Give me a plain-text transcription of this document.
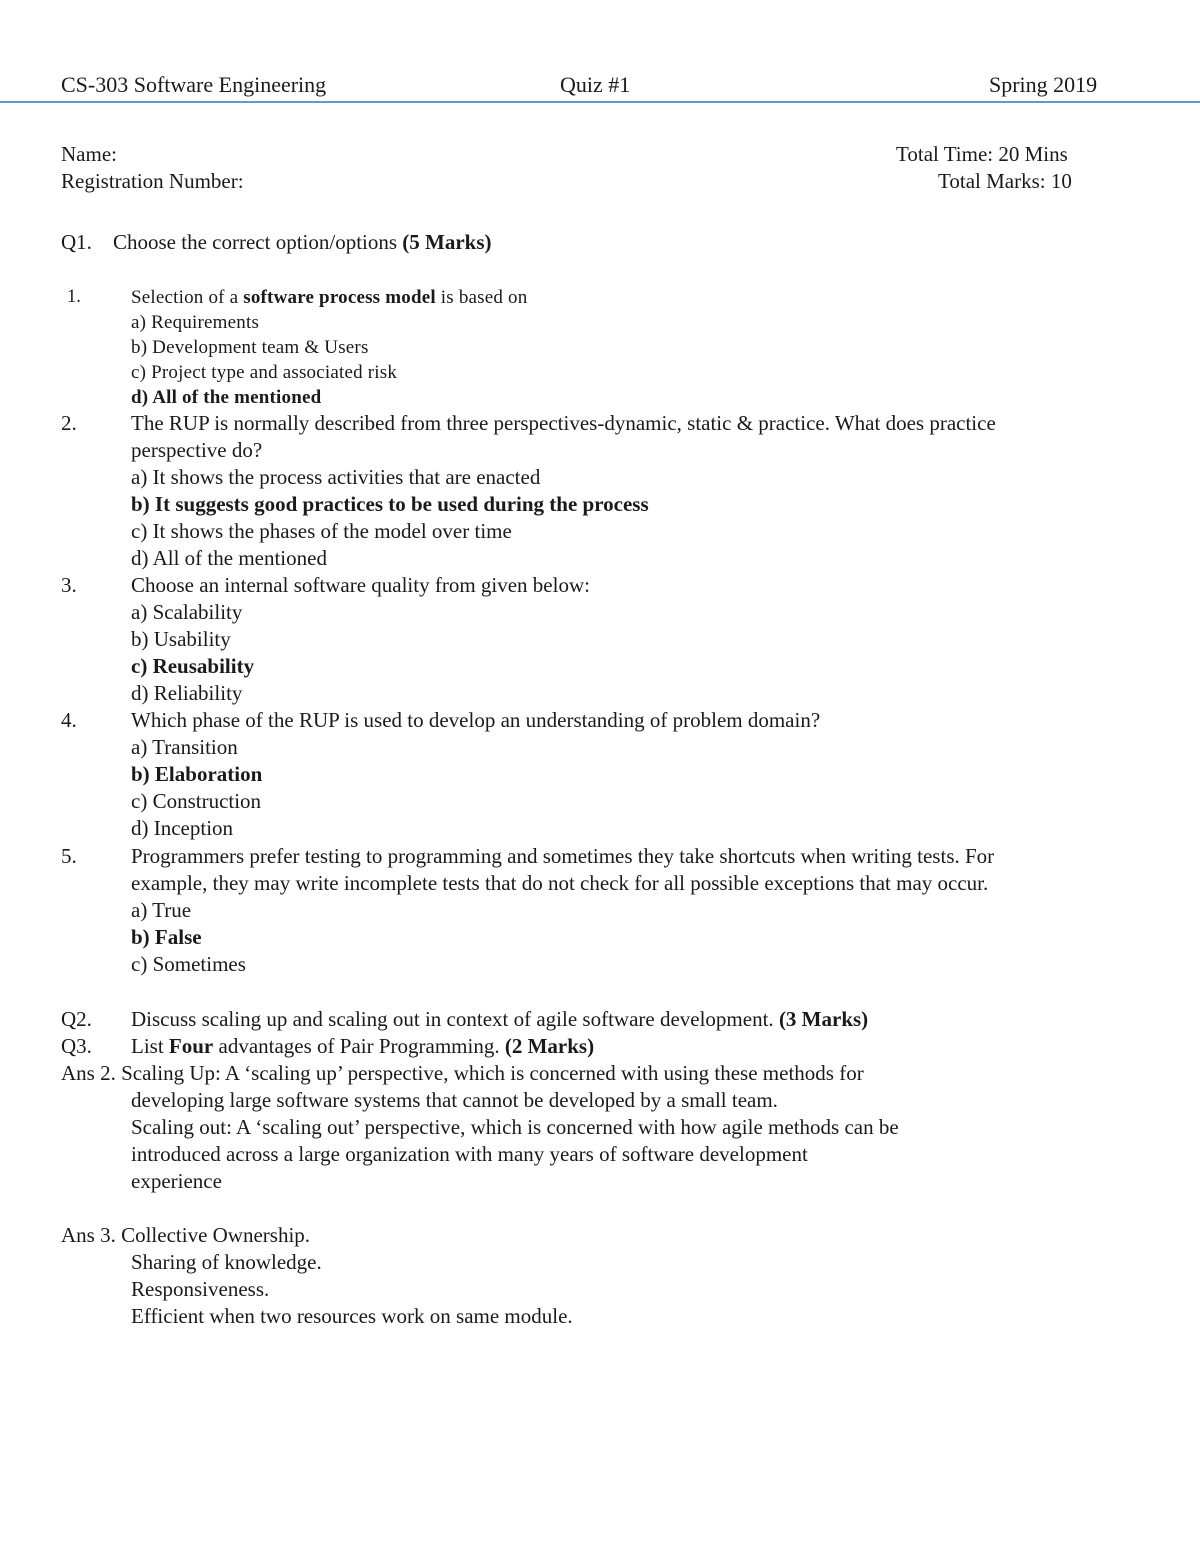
CS-303 Software Engineering	Quiz #1	Spring 2019
Name:
Registration Number:
Total Time: 20 Mins
Total Marks: 10
Q1. Choose the correct option/options (5 Marks)
1.	Selection of a software process model is based on
a) Requirements
b) Development team & Users
c) Project type and associated risk
d) All of the mentioned
2.	The RUP is normally described from three perspectives-dynamic, static & practice. What does practice
perspective do?
a) It shows the process activities that are enacted
b) It suggests good practices to be used during the process
c) It shows the phases of the model over time
d) All of the mentioned
3.	Choose an internal software quality from given below:
a) Scalability
b) Usability
c) Reusability
d) Reliability
4.	Which phase of the RUP is used to develop an understanding of problem domain?
a) Transition
b) Elaboration
c) Construction
d) Inception
5.	Programmers prefer testing to programming and sometimes they take shortcuts when writing tests. For
example, they may write incomplete tests that do not check for all possible exceptions that may occur.
a) True
b) False
c) Sometimes
Q2. Discuss scaling up and scaling out in context of agile software development. (3 Marks)
Q3. List Four advantages of Pair Programming. (2 Marks)
Ans 2. Scaling Up: A ‘scaling up’ perspective, which is concerned with using these methods for
developing large software systems that cannot be developed by a small team.
Scaling out: A ‘scaling out’ perspective, which is concerned with how agile methods can be
introduced across a large organization with many years of software development
experience
Ans 3. Collective Ownership.
Sharing of knowledge.
Responsiveness.
Efficient when two resources work on same module.
